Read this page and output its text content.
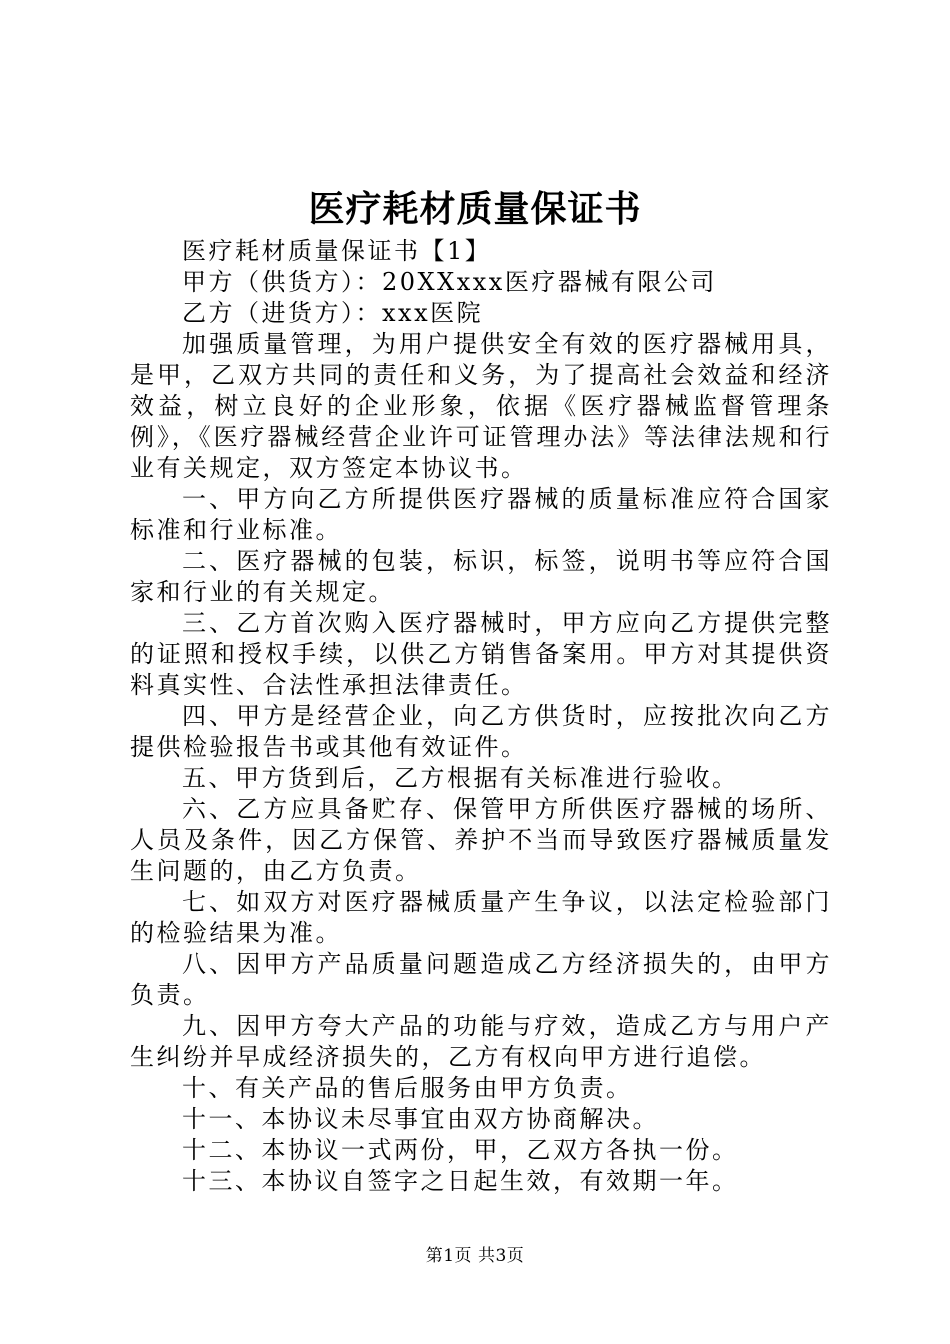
医疗耗材质量保证书

医疗耗材质量保证书【1】

甲方（供货方）：20XXxxx医疗器械有限公司

乙方（进货方）：xxx医院

加强质量管理，为用户提供安全有效的医疗器械用具，是甲，乙双方共同的责任和义务，为了提高社会效益和经济效益，树立良好的企业形象，依据《医疗器械监督管理条例》，《医疗器械经营企业许可证管理办法》等法律法规和行业有关规定，双方签定本协议书。

一、甲方向乙方所提供医疗器械的质量标准应符合国家标准和行业标准。

二、医疗器械的包装，标识，标签，说明书等应符合国家和行业的有关规定。

三、乙方首次购入医疗器械时，甲方应向乙方提供完整的证照和授权手续，以供乙方销售备案用。甲方对其提供资料真实性、合法性承担法律责任。

四、甲方是经营企业，向乙方供货时，应按批次向乙方提供检验报告书或其他有效证件。

五、甲方货到后，乙方根据有关标准进行验收。

六、乙方应具备贮存、保管甲方所供医疗器械的场所、人员及条件，因乙方保管、养护不当而导致医疗器械质量发生问题的，由乙方负责。

七、如双方对医疗器械质量产生争议，以法定检验部门的检验结果为准。

八、因甲方产品质量问题造成乙方经济损失的，由甲方负责。

九、因甲方夸大产品的功能与疗效，造成乙方与用户产生纠纷并早成经济损失的，乙方有权向甲方进行追偿。

十、有关产品的售后服务由甲方负责。

十一、本协议未尽事宜由双方协商解决。

十二、本协议一式两份，甲，乙双方各执一份。

十三、本协议自签字之日起生效，有效期一年。

第1页 共3页
